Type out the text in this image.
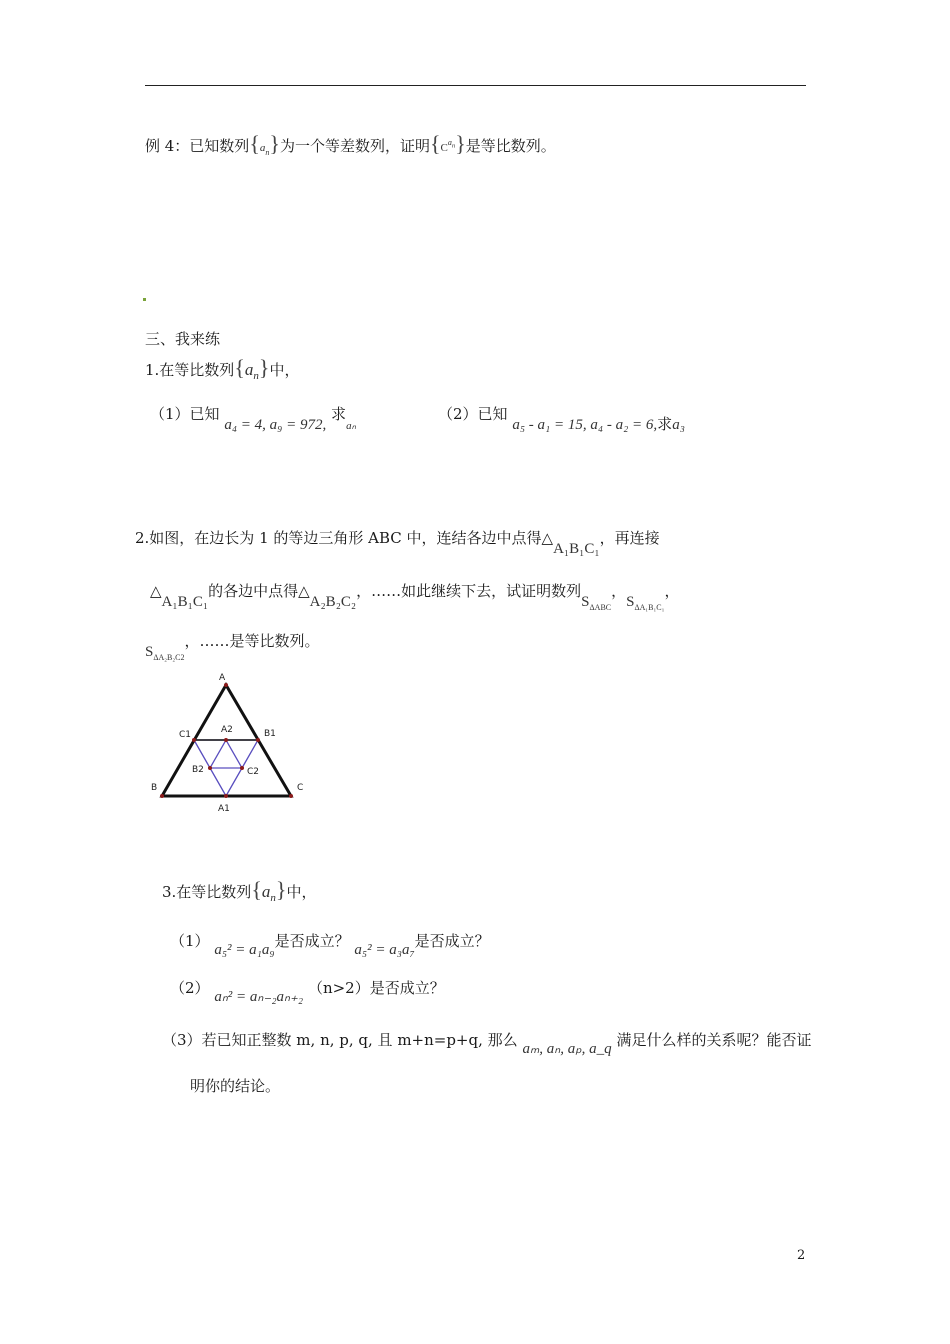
例 4：已知数列$\{a_n\}$为一个等差数列，证明$\{C^{a_n}\}$是等比数列。
三、我来练
1.在等比数列$\{a_n\}$中，
（1）已知 a₄ = 4, a₉ = 972, 求$_{a_n}$
（2）已知 a₅ - a₁ = 15, a₄ - a₂ = 6,求a₃
2.如图，在边长为 1 的等边三角形 ABC 中，连结各边中点得△A₁B₁C₁，再连接
△A₁B₁C₁的各边中点得△A₂B₂C₂，……如此继续下去，试证明数列$S_{\Delta ABC}$，$S_{\Delta A_1B_1C_1}$，
$S_{\Delta A_2B_2C2}$，……是等比数列。
A
B	C
C1	B1
A1
A2
B2	C2
3.在等比数列$\{a_n\}$中，
（1） a₅² = a₁a₉是否成立？ a₅² = a₃a₇是否成立？
（2） aₙ² = aₙ₋₂aₙ₊₂ （n>2）是否成立？
（3）若已知正整数 m, n, p, q, 且 m+n=p+q, 那么 aₘ, aₙ, aₚ, a_q 满足什么样的关系呢？能否证
明你的结论。
2
